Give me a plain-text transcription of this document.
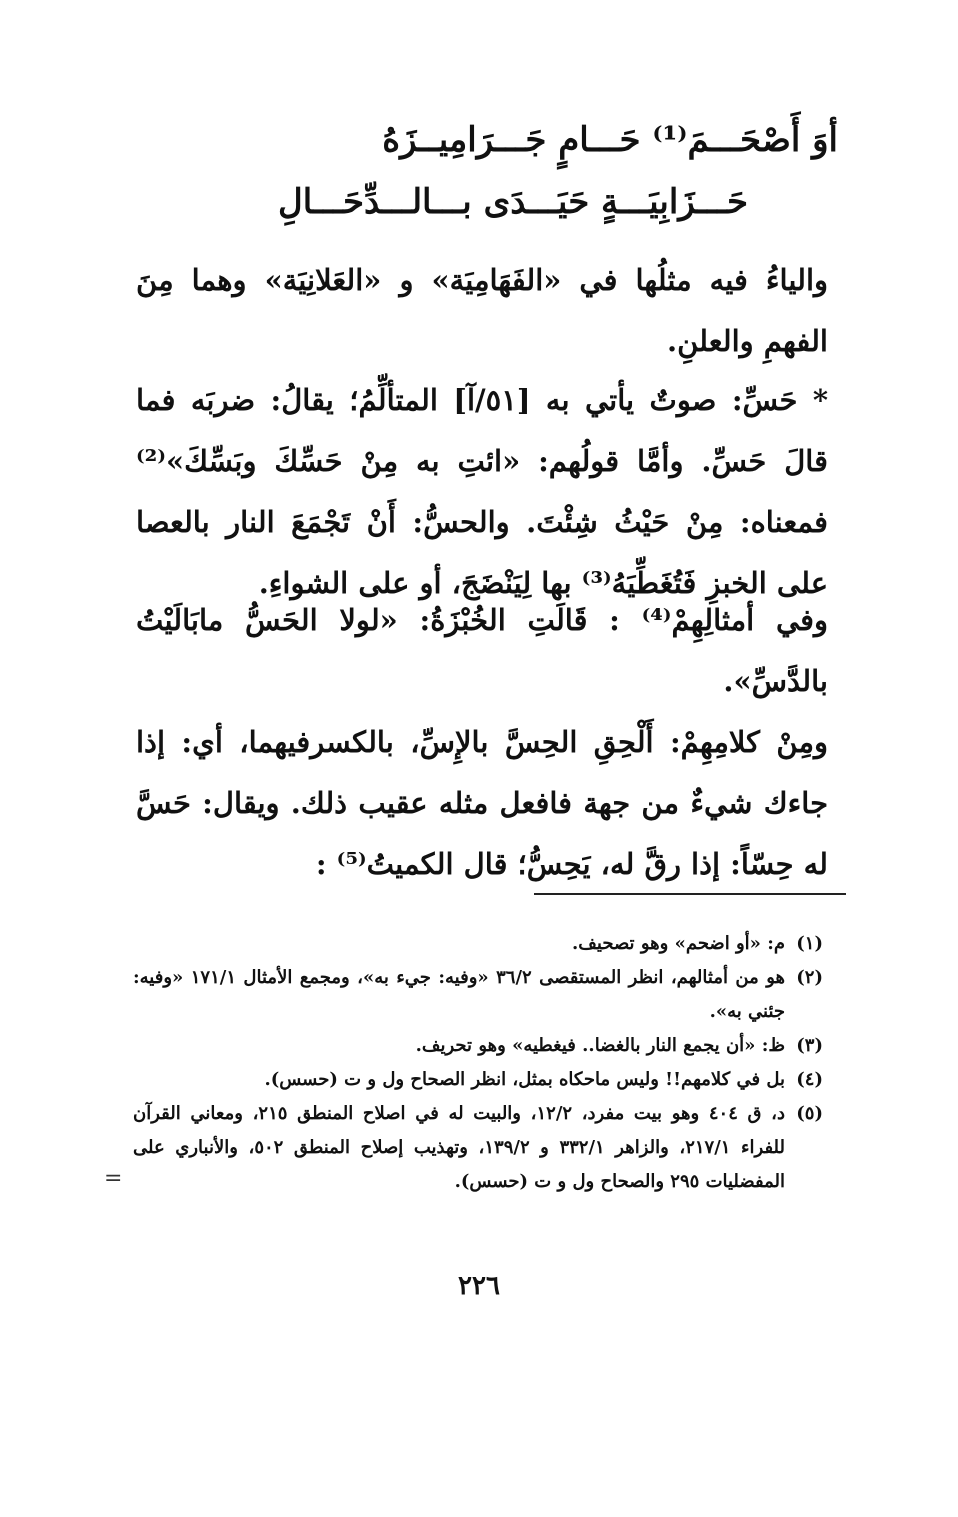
أوَ أَصْحَـــمَ⁽¹⁾ حَـــامٍ جَـــرَامِيــزَهُ
حَـــزَابِيَـــةٍ حَيَـــدَى بـــالـــدِّحَـــالِ
والياءُ فيه مثلُها في «الفَهَامِيَة» و «العَلانِيَة» وهما مِنَ الفهمِ والعلنِ.
* حَسِّ: صوتٌ يأتي به [٥١/آ] المتألِّمُ؛ يقالُ: ضربَه فما قالَ حَسِّ. وأمَّا قولُهم: «ائتِ به مِنْ حَسِّكَ وبَسِّكَ»⁽²⁾ فمعناه: مِنْ حَيْثُ شِئْتَ. والحسُّ: أَنْ تَجْمَعَ النار بالعصا على الخبزِ فَتُغَطِّيَهُ⁽³⁾ بها لِيَنْضَجَ، أو على الشواءِ.
وفي أمثالِهِمْ⁽⁴⁾ : قَالَتِ الخُبْزَةُ: «لولا الحَسُّ مابَالَيْتُ بالدَّسِّ».
ومِنْ كلامِهِمْ: أَلْحِقِ الحِسَّ بالإِسِّ، بالكسرفيهما، أي: إذا جاءك شيءٌ من جهة فافعل مثله عقيب ذلك. ويقال: حَسَّ له حِسّاً: إذا رقَّ له، يَحِسُّ؛ قال الكميتُ⁽⁵⁾ :
(١)
م: «أو اضحم» وهو تصحيف.
(٢)
هو من أمثالهم، انظر المستقصى ٣٦/٢ «وفيه: جيء به»، ومجمع الأمثال ١٧١/١ «وفيه: جئني به».
(٣)
ظ: «أن يجمع النار بالغضا.. فيغطيه» وهو تحريف.
(٤)
بل في كلامهم!! وليس ماحكاه بمثل، انظر الصحاح ول و ت (حسس).
(٥)
د، ق ٤٠٤ وهو بيت مفرد، ١٢/٢، والبيت له في اصلاح المنطق ٢١٥، ومعاني القرآن للفراء ٢١٧/١، والزاهر ٣٣٢/١ و ١٣٩/٢، وتهذيب إصلاح المنطق ٥٠٢، والأنباري على المفضليات ٢٩٥ والصحاح ول و ت (حسس).
=
٢٢٦
